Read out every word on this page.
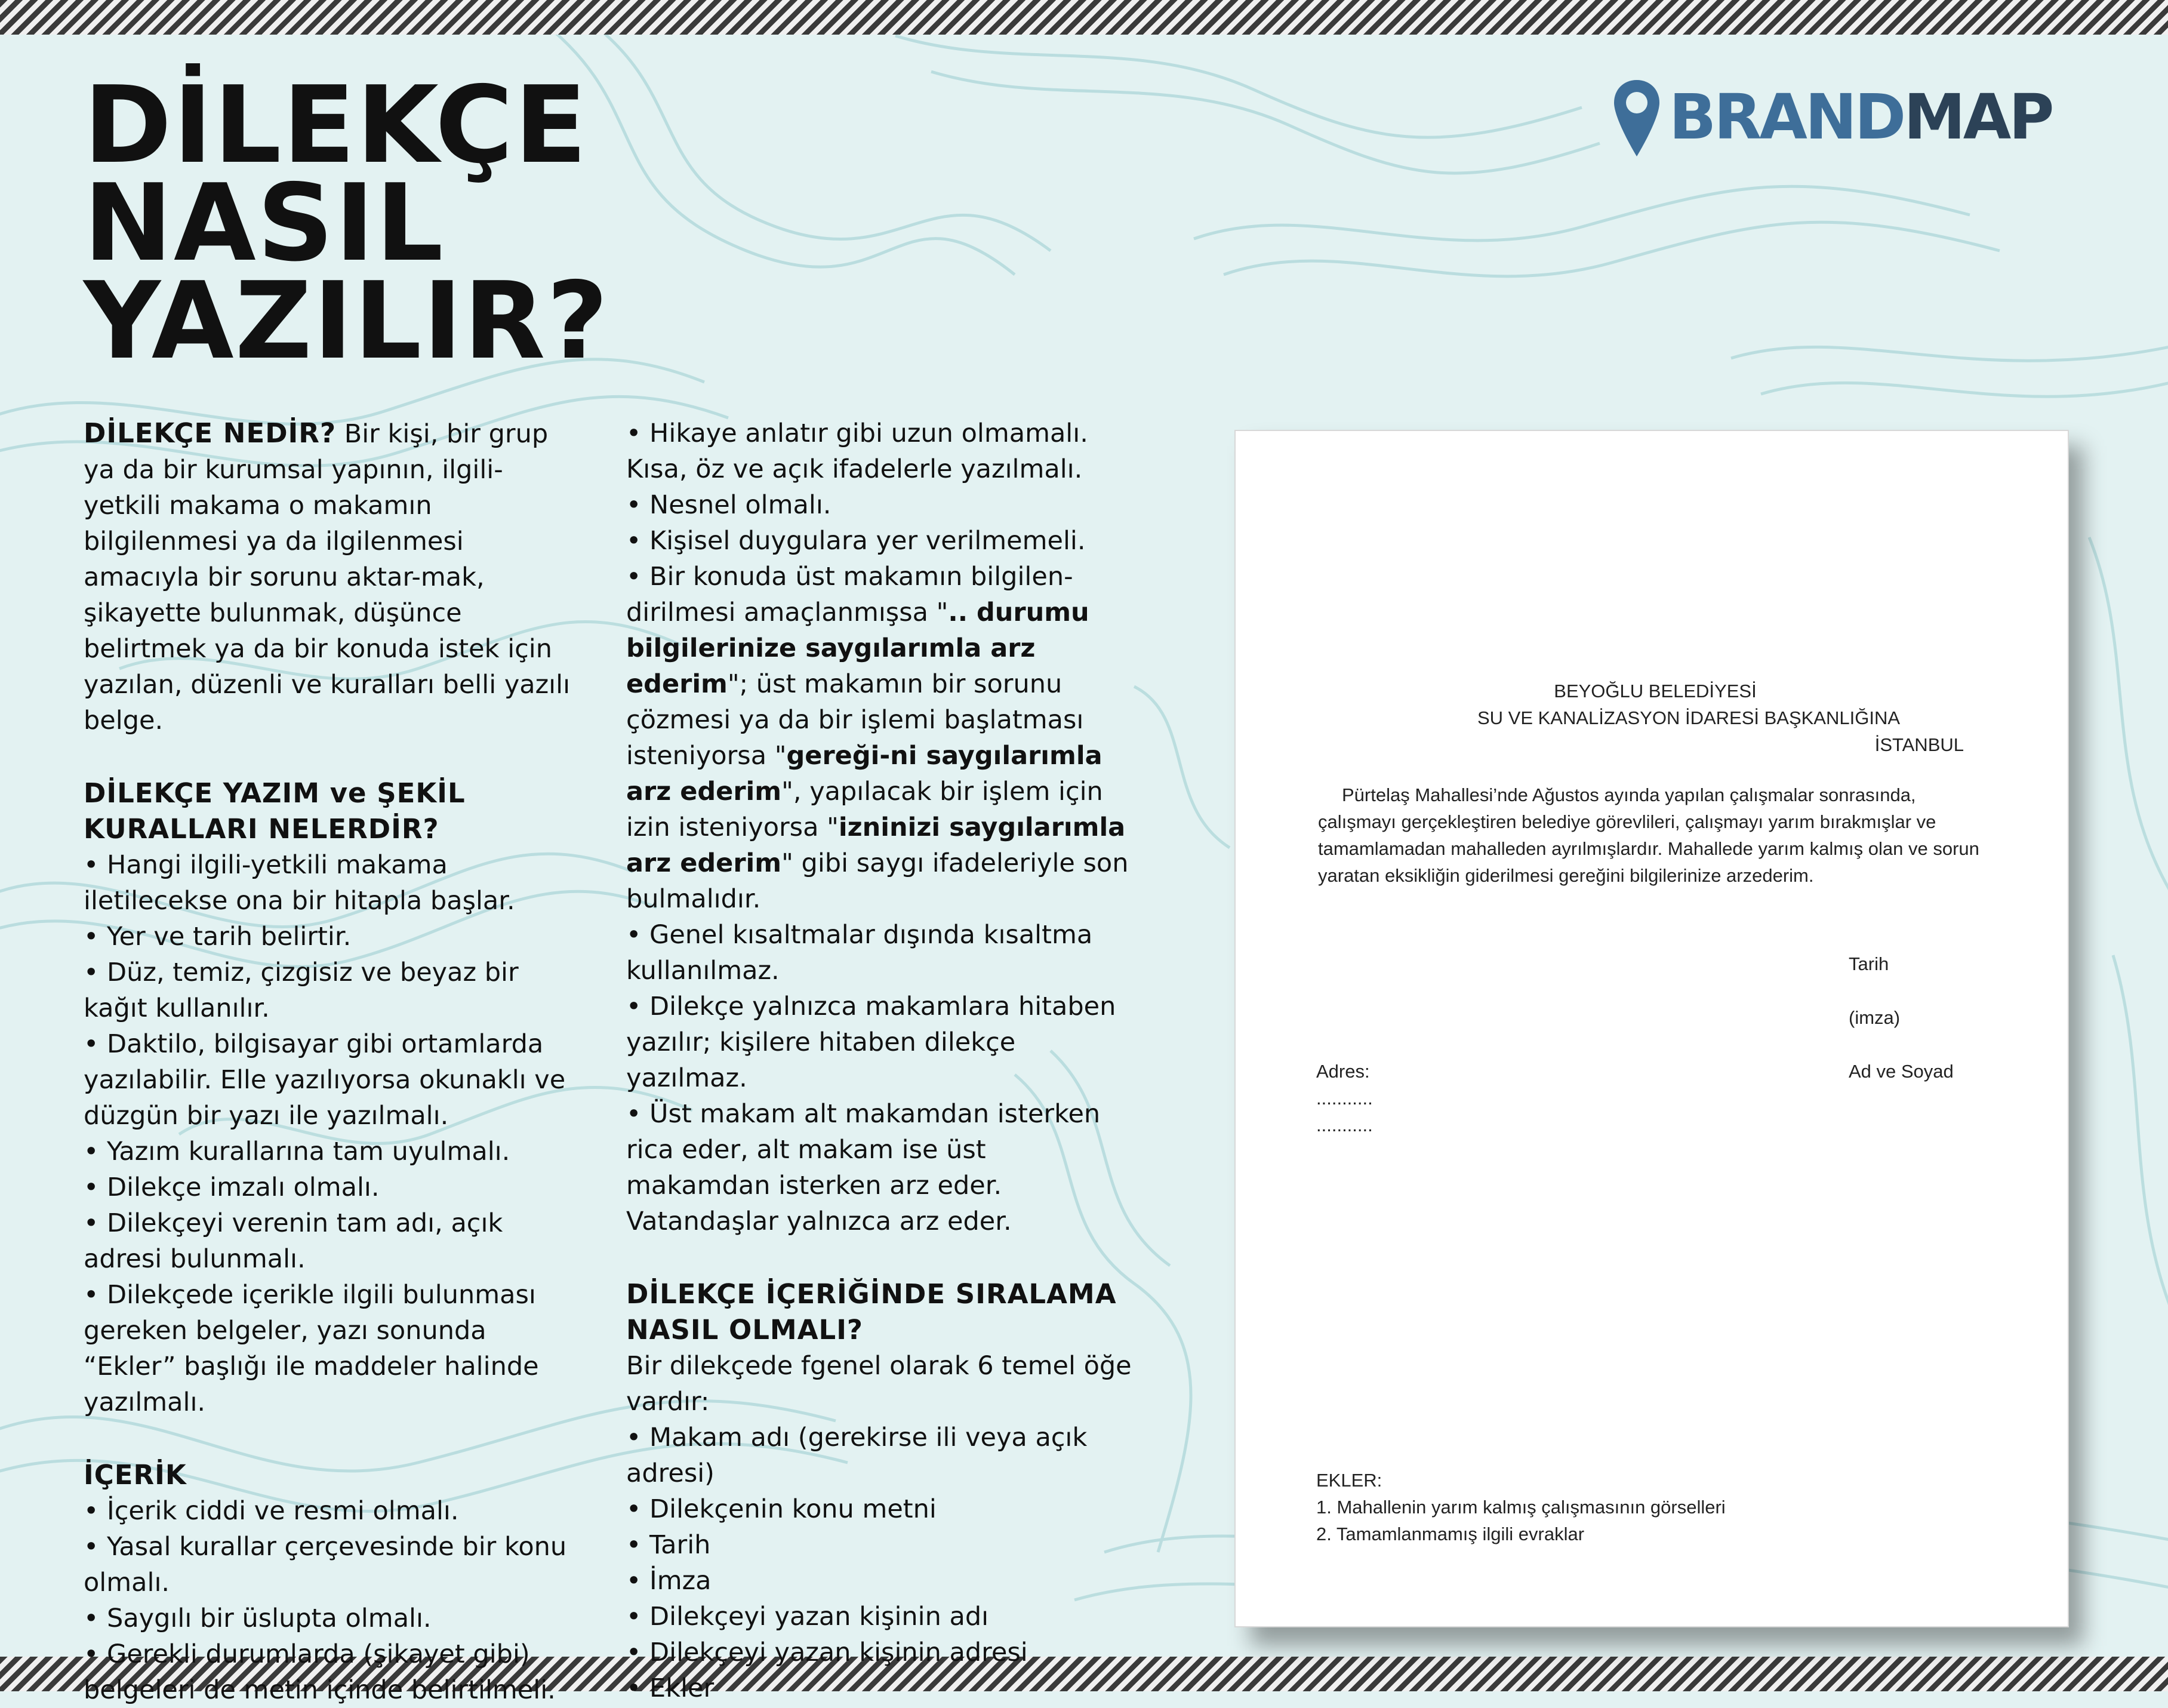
DİLEKÇE
NASIL
YAZILIR?
BRANDMAP

DİLEKÇE NEDİR? Bir kişi, bir grup ya da bir kurumsal yapının, ilgili-yetkili makama o makamın bilgilenmesi ya da ilgilenmesi amacıyla bir sorunu aktar-mak, şikayette bulunmak, düşünce belirtmek ya da bir konuda istek için yazılan, düzenli ve kuralları belli yazılı belge.

DİLEKÇE YAZIM ve ŞEKİL

KURALLARI NELERDİR?

• Hangi ilgili-yetkili makama iletilecekse ona bir hitapla başlar.

• Yer ve tarih belirtir.

• Düz, temiz, çizgisiz ve beyaz bir kağıt kullanılır.

• Daktilo, bilgisayar gibi ortamlarda yazılabilir. Elle yazılıyorsa okunaklı ve düzgün bir yazı ile yazılmalı.

• Yazım kurallarına tam uyulmalı.

• Dilekçe imzalı olmalı.

• Dilekçeyi verenin tam adı, açık adresi bulunmalı.

• Dilekçede içerikle ilgili bulunması gereken belgeler, yazı sonunda “Ekler” başlığı ile maddeler halinde yazılmalı.

İÇERİK

• İçerik ciddi ve resmi olmalı.

• Yasal kurallar çerçevesinde bir konu olmalı.

• Saygılı bir üslupta olmalı.

• Gerekli durumlarda (şikayet gibi) belgeleri de metin içinde belirtilmeli.

• Hikaye anlatır gibi uzun olmamalı. Kısa, öz ve açık ifadelerle yazılmalı.

• Nesnel olmalı.

• Kişisel duygulara yer verilmemeli.

• Bir konuda üst makamın bilgilen-dirilmesi amaçlanmışsa ".. durumu bilgilerinize saygılarımla arz ederim"; üst makamın bir sorunu çözmesi ya da bir işlemi başlatması isteniyorsa "gereği-ni saygılarımla arz ederim", yapılacak bir işlem için izin isteniyorsa "izninizi saygılarımla arz ederim" gibi saygı ifadeleriyle son bulmalıdır.

• Genel kısaltmalar dışında kısaltma kullanılmaz.

• Dilekçe yalnızca makamlara hitaben yazılır; kişilere hitaben dilekçe yazılmaz.

• Üst makam alt makamdan isterken rica eder, alt makam ise üst makamdan isterken arz eder. Vatandaşlar yalnızca arz eder.

DİLEKÇE İÇERİĞİNDE SIRALAMA

NASIL OLMALI?

Bir dilekçede fgenel olarak 6 temel öğe vardır:

• Makam adı (gerekirse ili veya açık adresi)

• Dilekçenin konu metni

• Tarih

• İmza

• Dilekçeyi yazan kişinin adı

• Dilekçeyi yazan kişinin adresi

• Ekler

BEYOĞLU BELEDİYESİ
SU VE KANALİZASYON İDARESİ BAŞKANLIĞINA
İSTANBUL
Pürtelaş Mahallesi’nde Ağustos ayında yapılan çalışmalar sonrasında, çalışmayı gerçekleştiren belediye görevlileri, çalışmayı yarım bırakmışlar ve tamamlamadan mahalleden ayrılmışlardır. Mahallede yarım kalmış olan ve sorun yaratan eksikliğin giderilmesi gereğini bilgilerinize arzederim.
Tarih
(imza)
Ad ve Soyad
Adres:
...........
...........
EKLER:
1. Mahallenin yarım kalmış çalışmasının görselleri
2. Tamamlanmamış ilgili evraklar
